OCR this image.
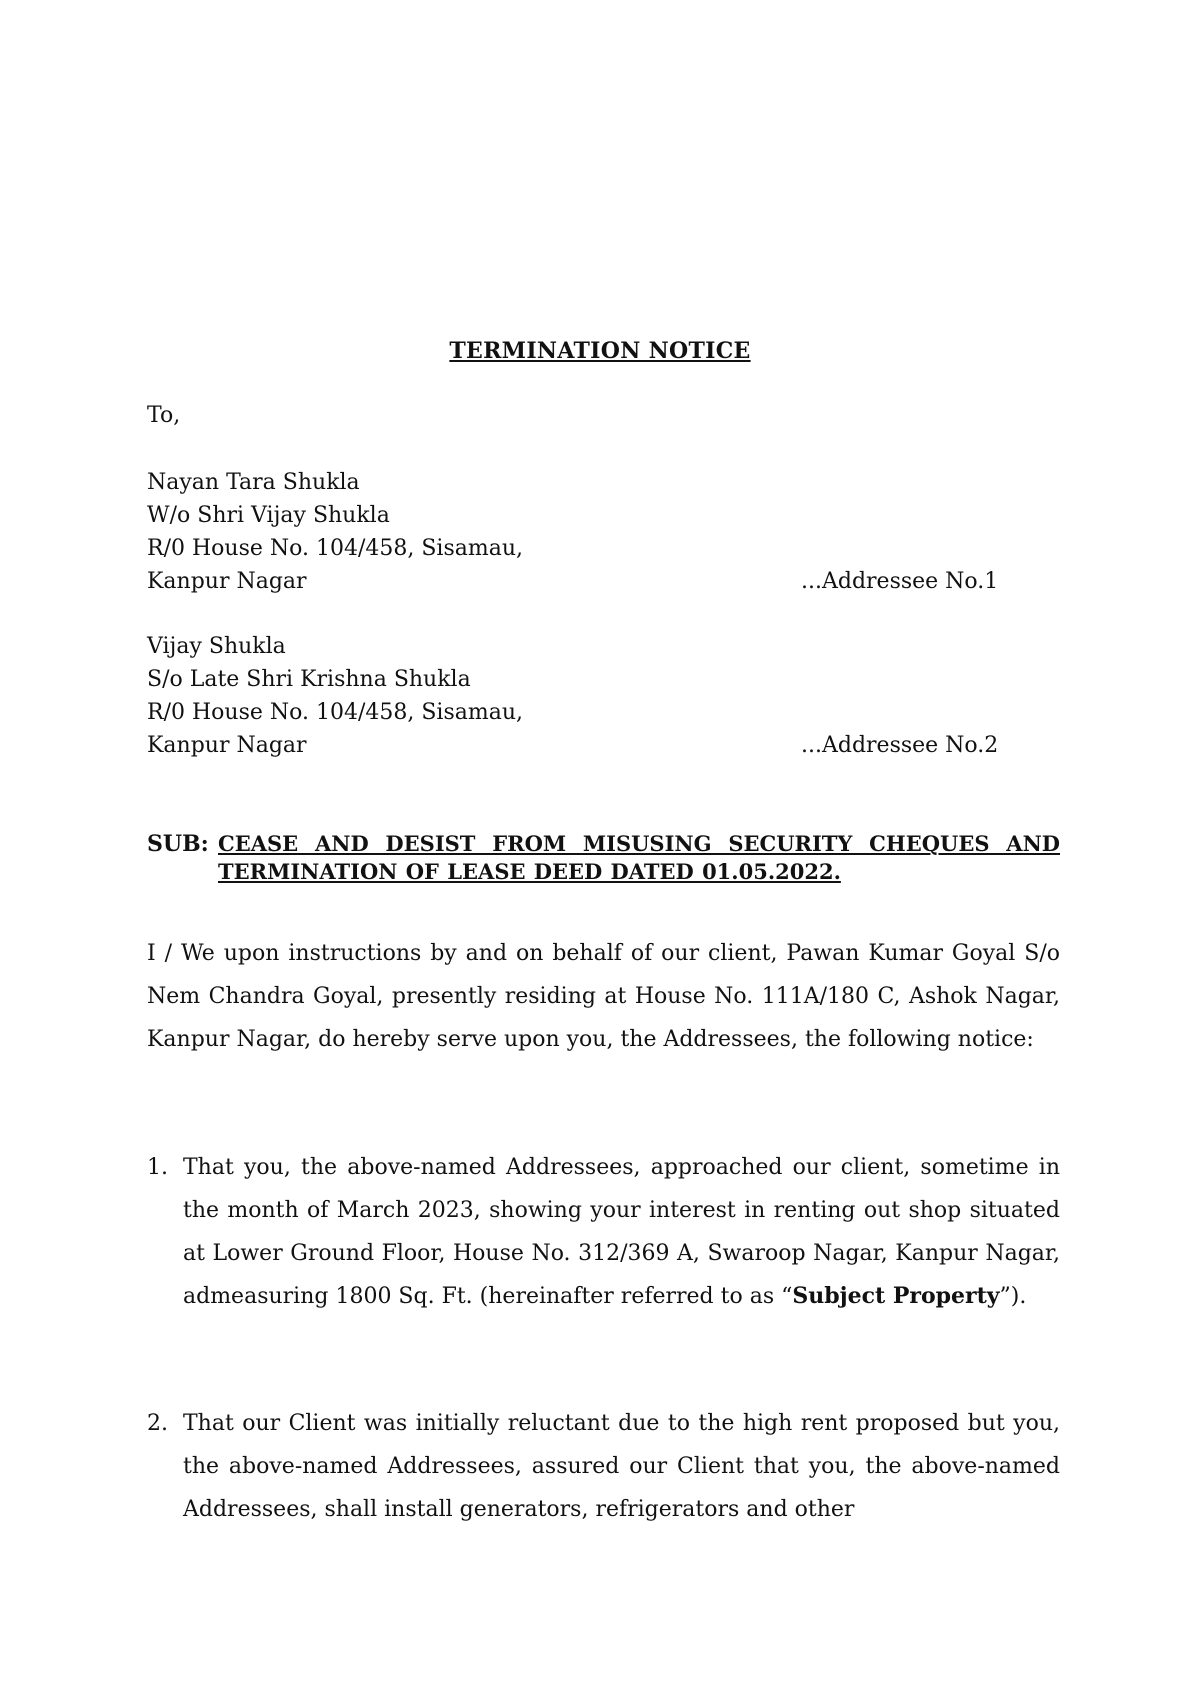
TERMINATION NOTICE
To,
Nayan Tara Shukla
W/o Shri Vijay Shukla
R/0 House No. 104/458, Sisamau,
Kanpur Nagar	...Addressee No.1
Vijay Shukla
S/o Late Shri Krishna Shukla
R/0 House No. 104/458, Sisamau,
Kanpur Nagar	...Addressee No.2
SUB: CEASE AND DESIST FROM MISUSING SECURITY CHEQUES AND TERMINATION OF LEASE DEED DATED 01.05.2022.
I / We upon instructions by and on behalf of our client, Pawan Kumar Goyal S/o Nem Chandra Goyal, presently residing at House No. 111A/180 C, Ashok Nagar, Kanpur Nagar, do hereby serve upon you, the Addressees, the following notice:
1. That you, the above-named Addressees, approached our client, sometime in the month of March 2023, showing your interest in renting out shop situated at Lower Ground Floor, House No. 312/369 A, Swaroop Nagar, Kanpur Nagar, admeasuring 1800 Sq. Ft. (hereinafter referred to as “Subject Property”).
2. That our Client was initially reluctant due to the high rent proposed but you, the above-named Addressees, assured our Client that you, the above-named Addressees, shall install generators, refrigerators and other
